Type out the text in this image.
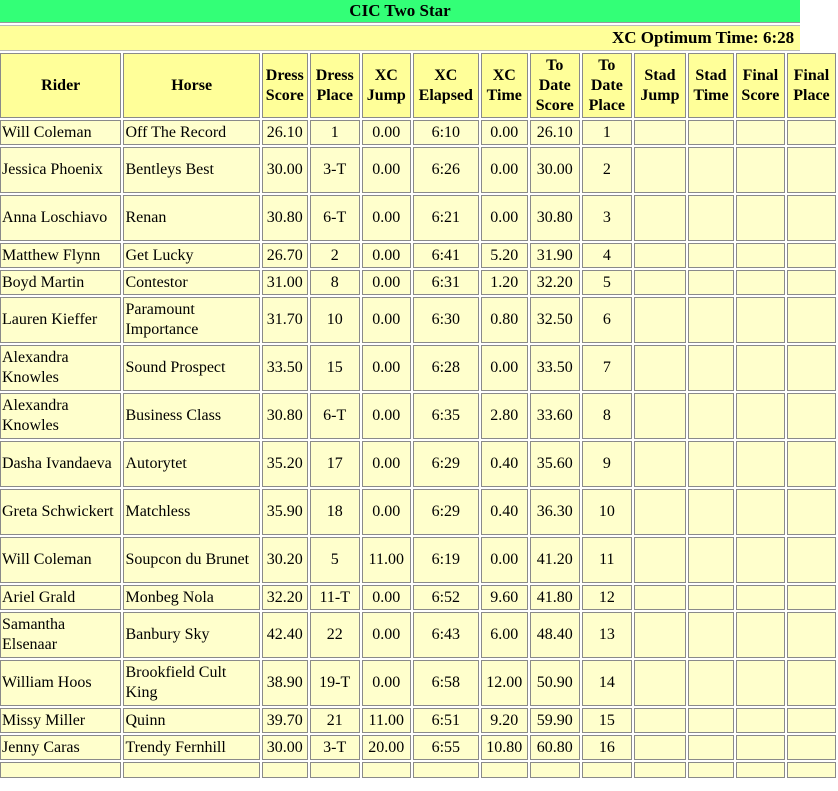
CIC Two Star
XC Optimum Time: 6:28
Rider	Horse	Dress Score	Dress Place	XC Jump	XC Elapsed	XC Time	To Date Score	To Date Place	Stad Jump	Stad Time	Final Score	Final Place
Will Coleman	Off The Record	26.10	1	0.00	6:10	0.00	26.10	1				
Jessica Phoenix	Bentleys Best	30.00	3-T	0.00	6:26	0.00	30.00	2				
Anna Loschiavo	Renan	30.80	6-T	0.00	6:21	0.00	30.80	3				
Matthew Flynn	Get Lucky	26.70	2	0.00	6:41	5.20	31.90	4				
Boyd Martin	Contestor	31.00	8	0.00	6:31	1.20	32.20	5				
Lauren Kieffer	Paramount Importance	31.70	10	0.00	6:30	0.80	32.50	6				
Alexandra Knowles	Sound Prospect	33.50	15	0.00	6:28	0.00	33.50	7				
Alexandra Knowles	Business Class	30.80	6-T	0.00	6:35	2.80	33.60	8				
Dasha Ivandaeva	Autorytet	35.20	17	0.00	6:29	0.40	35.60	9				
Greta Schwickert	Matchless	35.90	18	0.00	6:29	0.40	36.30	10				
Will Coleman	Soupcon du Brunet	30.20	5	11.00	6:19	0.00	41.20	11				
Ariel Grald	Monbeg Nola	32.20	11-T	0.00	6:52	9.60	41.80	12				
Samantha Elsenaar	Banbury Sky	42.40	22	0.00	6:43	6.00	48.40	13				
William Hoos	Brookfield Cult King	38.90	19-T	0.00	6:58	12.00	50.90	14				
Missy Miller	Quinn	39.70	21	11.00	6:51	9.20	59.90	15				
Jenny Caras	Trendy Fernhill	30.00	3-T	20.00	6:55	10.80	60.80	16				
